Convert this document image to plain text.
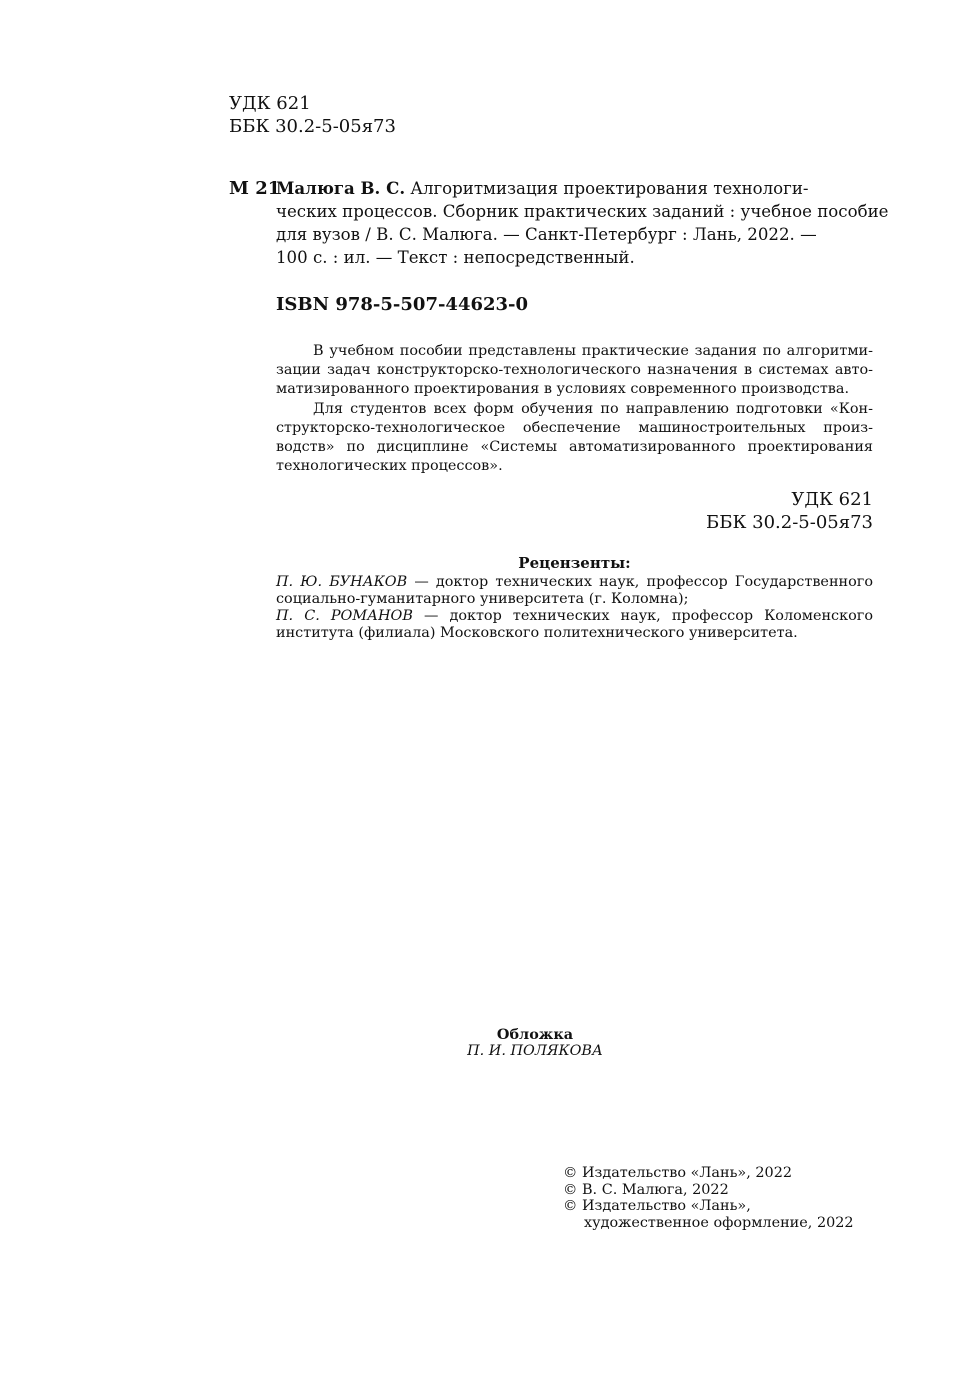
УДК 621
ББК 30.2-5-05я73
М 21
Малюга В. С. Алгоритмизация проектирования технологи-
ческих процессов. Сборник практических заданий : учебное пособие
для вузов / В. С. Малюга. — Санкт-Петербург : Лань, 2022. —
100 с. : ил. — Текст : непосредственный.
ISBN 978-5-507-44623-0
В учебном пособии представлены практические задания по алгоритми-
зации задач конструкторско-технологического назначения в системах авто-
матизированного проектирования в условиях современного производства.
Для студентов всех форм обучения по направлению подготовки «Кон-
структорско-технологическое обеспечение машиностроительных произ-
водств» по дисциплине «Системы автоматизированного проектирования
технологических процессов».
УДК 621
ББК 30.2-5-05я73
Рецензенты:
П. Ю. БУНАКОВ — доктор технических наук, профессор Государственного
социально-гуманитарного университета (г. Коломна);
П. С. РОМАНОВ — доктор технических наук, профессор Коломенского
института (филиала) Московского политехнического университета.
Обложка
П. И. ПОЛЯКОВА
© Издательство «Лань», 2022
© В. С. Малюга, 2022
© Издательство «Лань»,
художественное оформление, 2022
